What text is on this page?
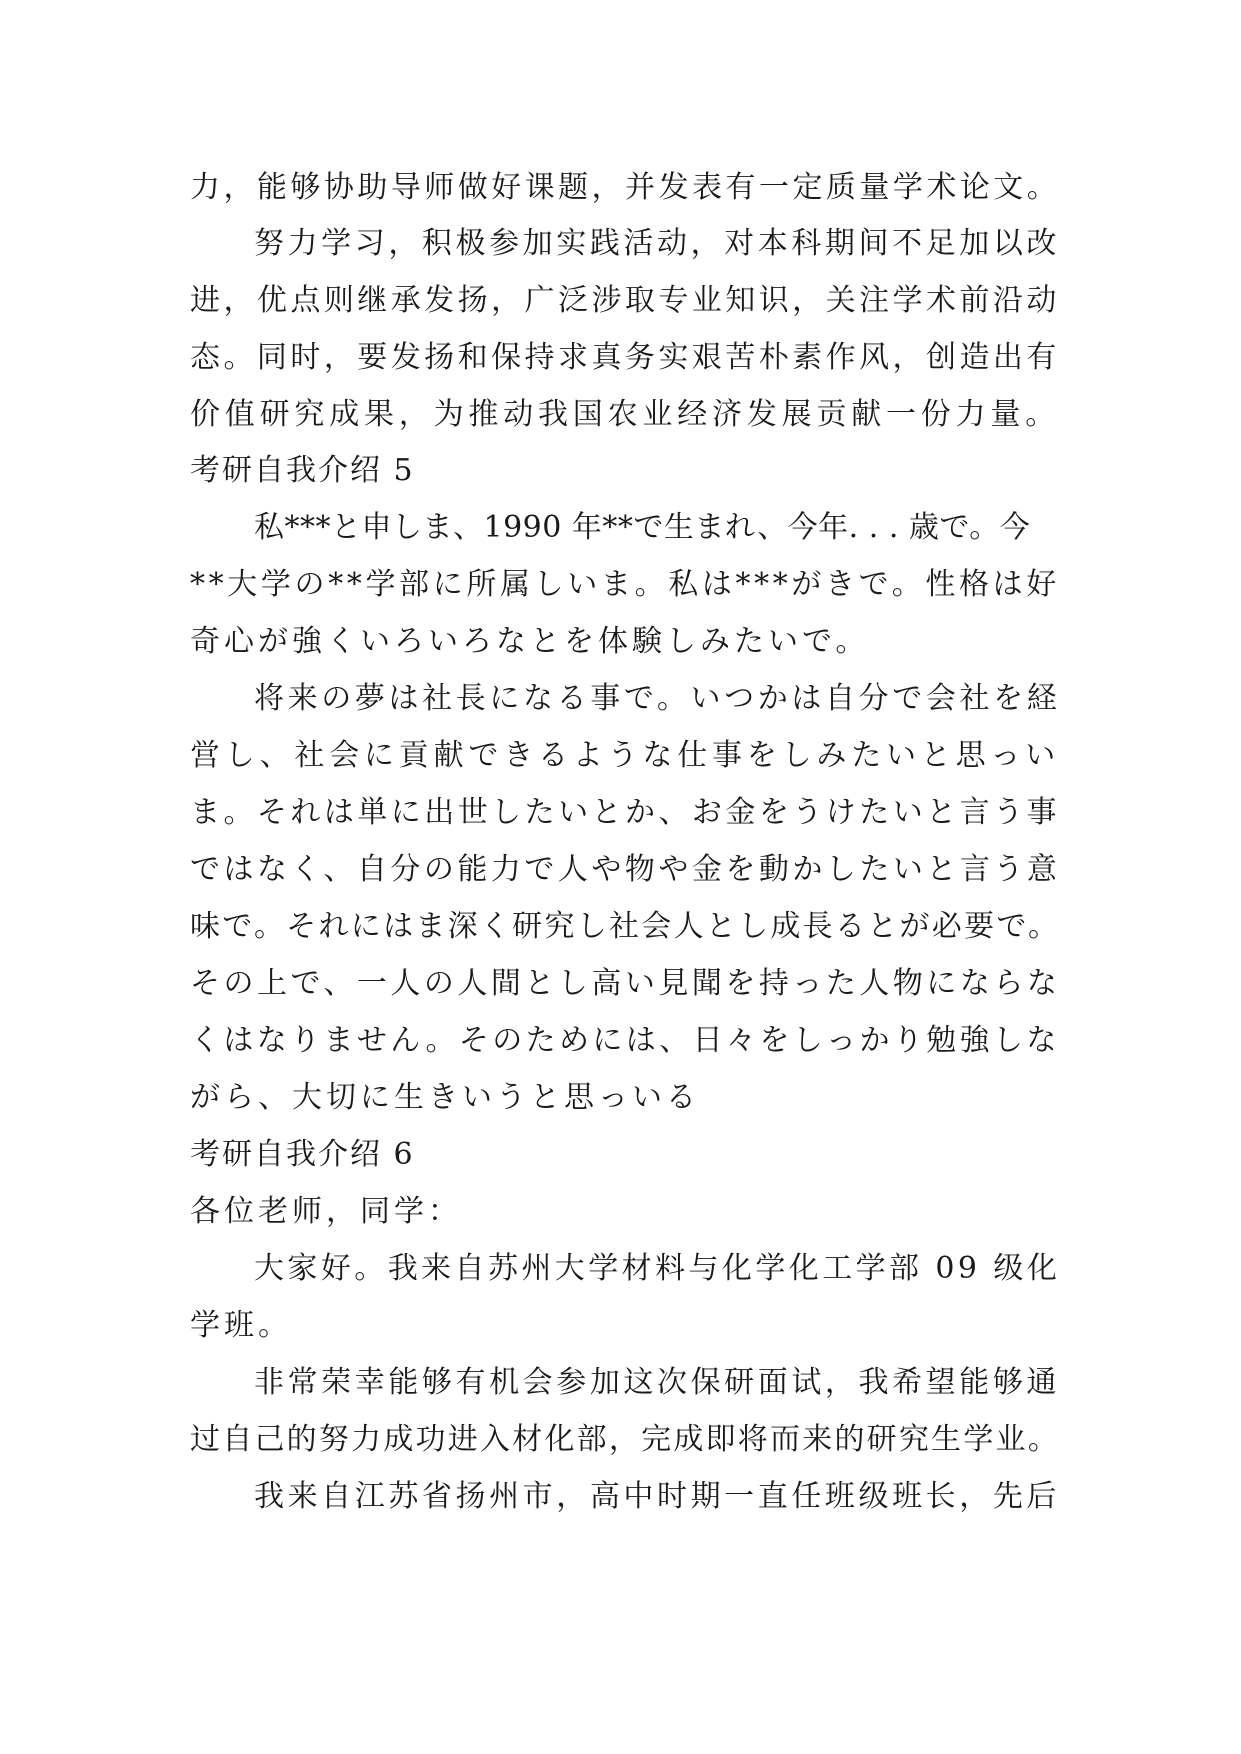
力，能够协助导师做好课题，并发表有一定质量学术论文。
努力学习，积极参加实践活动，对本科期间不足加以改
进，优点则继承发扬，广泛涉取专业知识，关注学术前沿动
态。同时，要发扬和保持求真务实艰苦朴素作风，创造出有
价值研究成果，为推动我国农业经济发展贡献一份力量。
考研自我介绍 5
私***と申しま、1990 年**で生まれ、今年. . . 歳で。今
**大学の**学部に所属しいま。私は***がきで。性格は好
奇心が強くいろいろなとを体験しみたいで。
将来の夢は社長になる事で。いつかは自分で会社を経
営し、社会に貢献できるような仕事をしみたいと思っい
ま。それは単に出世したいとか、お金をうけたいと言う事
ではなく、自分の能力で人や物や金を動かしたいと言う意
味で。それにはま深く研究し社会人とし成長るとが必要で。
その上で、一人の人間とし高い見聞を持った人物にならな
くはなりません。そのためには、日々をしっかり勉強しな
がら、大切に生きいうと思っいる
考研自我介绍 6
各位老师，同学：
大家好。我来自苏州大学材料与化学化工学部 09 级化
学班。
非常荣幸能够有机会参加这次保研面试，我希望能够通
过自己的努力成功进入材化部，完成即将而来的研究生学业。
我来自江苏省扬州市，高中时期一直任班级班长，先后
